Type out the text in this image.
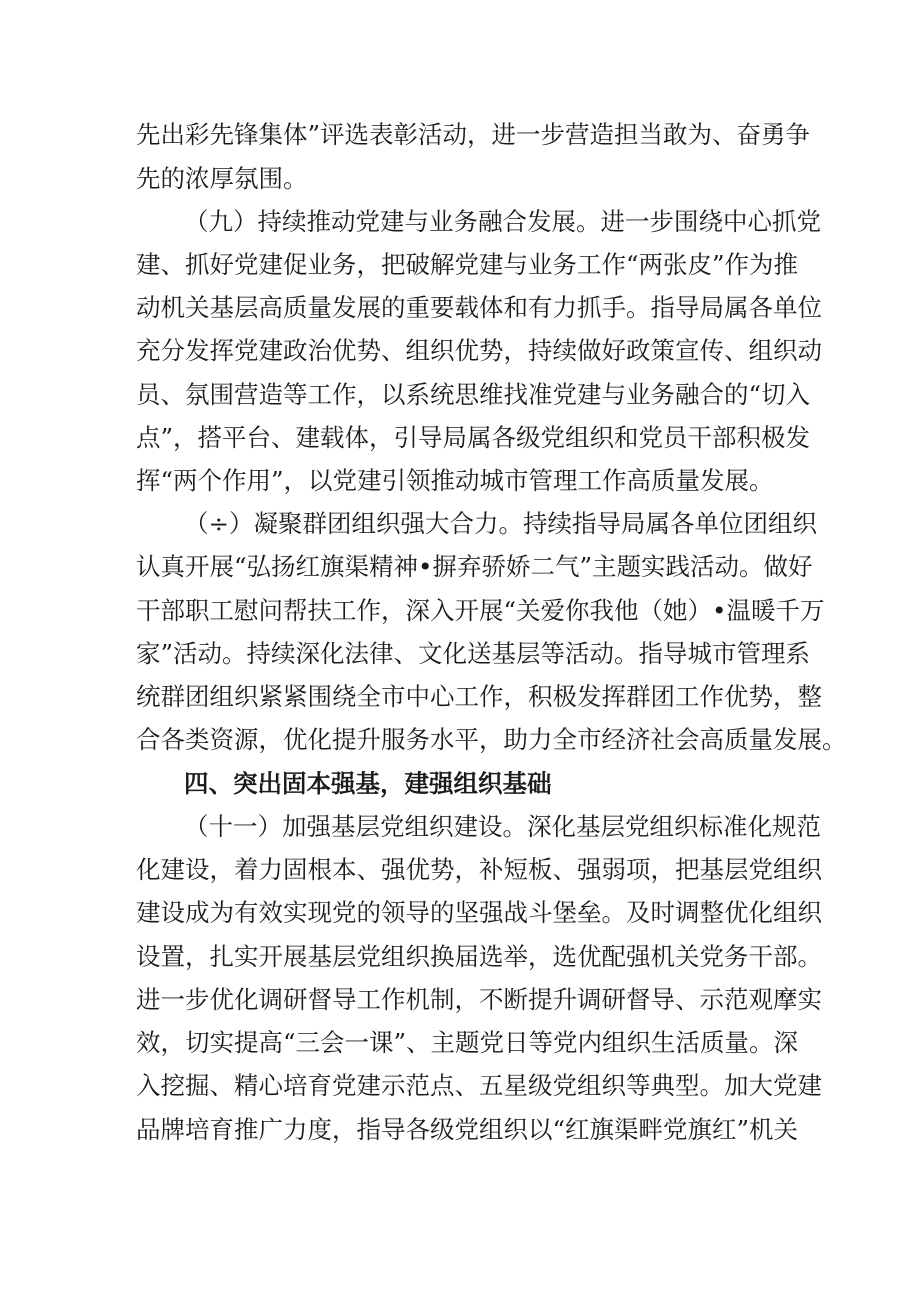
先出彩先锋集体”评选表彰活动，进一步营造担当敢为、奋勇争
先的浓厚氛围。
（九）持续推动党建与业务融合发展。进一步围绕中心抓党
建、抓好党建促业务，把破解党建与业务工作“两张皮”作为推
动机关基层高质量发展的重要载体和有力抓手。指导局属各单位
充分发挥党建政治优势、组织优势，持续做好政策宣传、组织动
员、氛围营造等工作，以系统思维找准党建与业务融合的“切入
点”，搭平台、建载体，引导局属各级党组织和党员干部积极发
挥“两个作用”，以党建引领推动城市管理工作高质量发展。
（÷）凝聚群团组织强大合力。持续指导局属各单位团组织
认真开展“弘扬红旗渠精神•摒弃骄娇二气”主题实践活动。做好
干部职工慰问帮扶工作，深入开展“关爱你我他（她）•温暖千万
家”活动。持续深化法律、文化送基层等活动。指导城市管理系
统群团组织紧紧围绕全市中心工作，积极发挥群团工作优势，整
合各类资源，优化提升服务水平，助力全市经济社会高质量发展。
四、突出固本强基，建强组织基础
（十一）加强基层党组织建设。深化基层党组织标准化规范
化建设，着力固根本、强优势，补短板、强弱项，把基层党组织
建设成为有效实现党的领导的坚强战斗堡垒。及时调整优化组织
设置，扎实开展基层党组织换届选举，选优配强机关党务干部。
进一步优化调研督导工作机制，不断提升调研督导、示范观摩实
效，切实提高“三会一课”、主题党日等党内组织生活质量。深
入挖掘、精心培育党建示范点、五星级党组织等典型。加大党建
品牌培育推广力度，指导各级党组织以“红旗渠畔党旗红”机关
